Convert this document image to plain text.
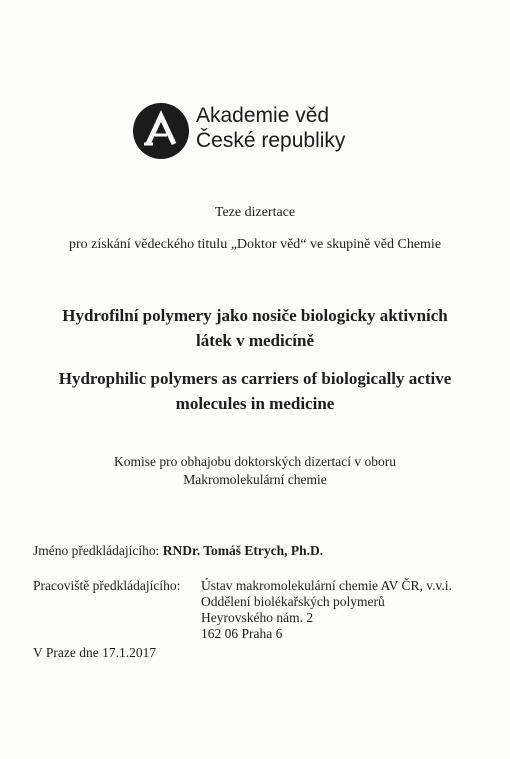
Akademie věd
České republiky
Teze dizertace
pro získání vědeckého titulu „Doktor věd“ ve skupině věd Chemie
Hydrofilní polymery jako nosiče biologicky aktivních
látek v medicíně
Hydrophilic polymers as carriers of biologically active
molecules in medicine
Komise pro obhajobu doktorských dizertací v oboru
Makromolekulární chemie
Jméno předkládajícího: RNDr. Tomáš Etrych, Ph.D.
Pracoviště předkládajícího: Ústav makromolekulární chemie AV ČR, v.v.i.
Oddělení biolékařských polymerů
Heyrovského nám. 2
162 06 Praha 6
V Praze dne 17.1.2017
